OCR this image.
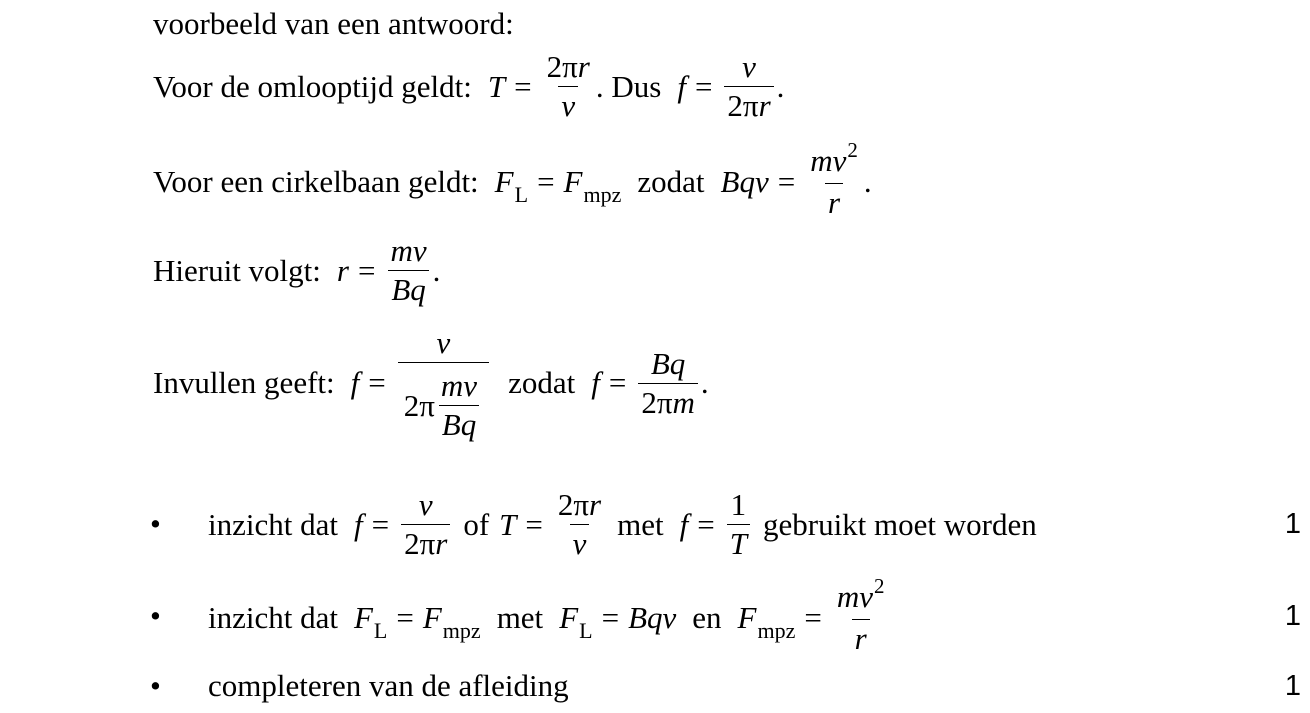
voorbeeld van een antwoord:
Voor de omlooptijd geldt: $T = \frac{2\pi r}{v}$ . Dus $f = \frac{v}{2\pi r}$ .
Voor een cirkelbaan geldt: $F_L = F_{mpz}$ zodat Bqv = $\frac{mv^2}{r}$ .
Hieruit volgt: $r = \frac{mv}{Bq}$ .
Invullen geeft: $f = \frac{v}{2 \pi \frac{mv}{Bq}}$ zodat $f = \frac{Bq}{2\pi m}$ .
• inzicht dat $f = \frac{v}{2\pi r}$ of $T = \frac{2\pi r}{v}$ met $f = \frac{1}{T}$ gebruikt moet worden	1
• inzicht dat $F_L = F_{mpz}$ met $F_L$ = Bqv en $F_{mpz} = \frac{mv^2}{r}$	1
• completeren van de afleiding	1
